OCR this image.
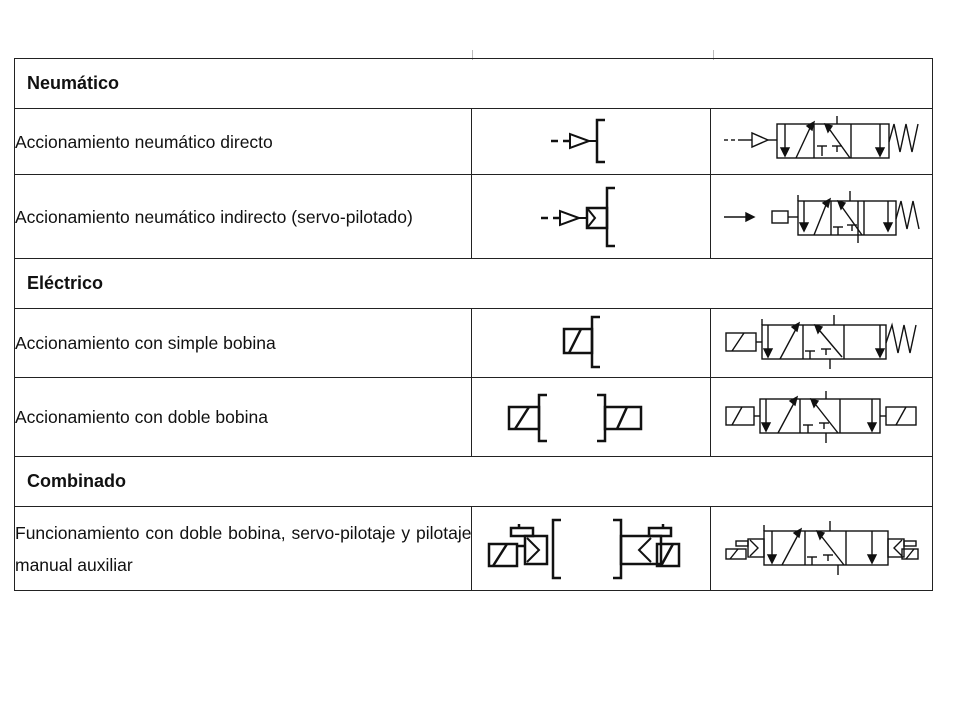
Neumático		
Accionamiento neumático directo	

Accionamiento neumático indirecto (servo-pilotado)	

Eléctrico		
Accionamiento con simple bobina	

Accionamiento con doble bobina	

Combinado		
Funcionamiento con doble bobina, servo-pilotaje y pilotaje manual auxiliar	
